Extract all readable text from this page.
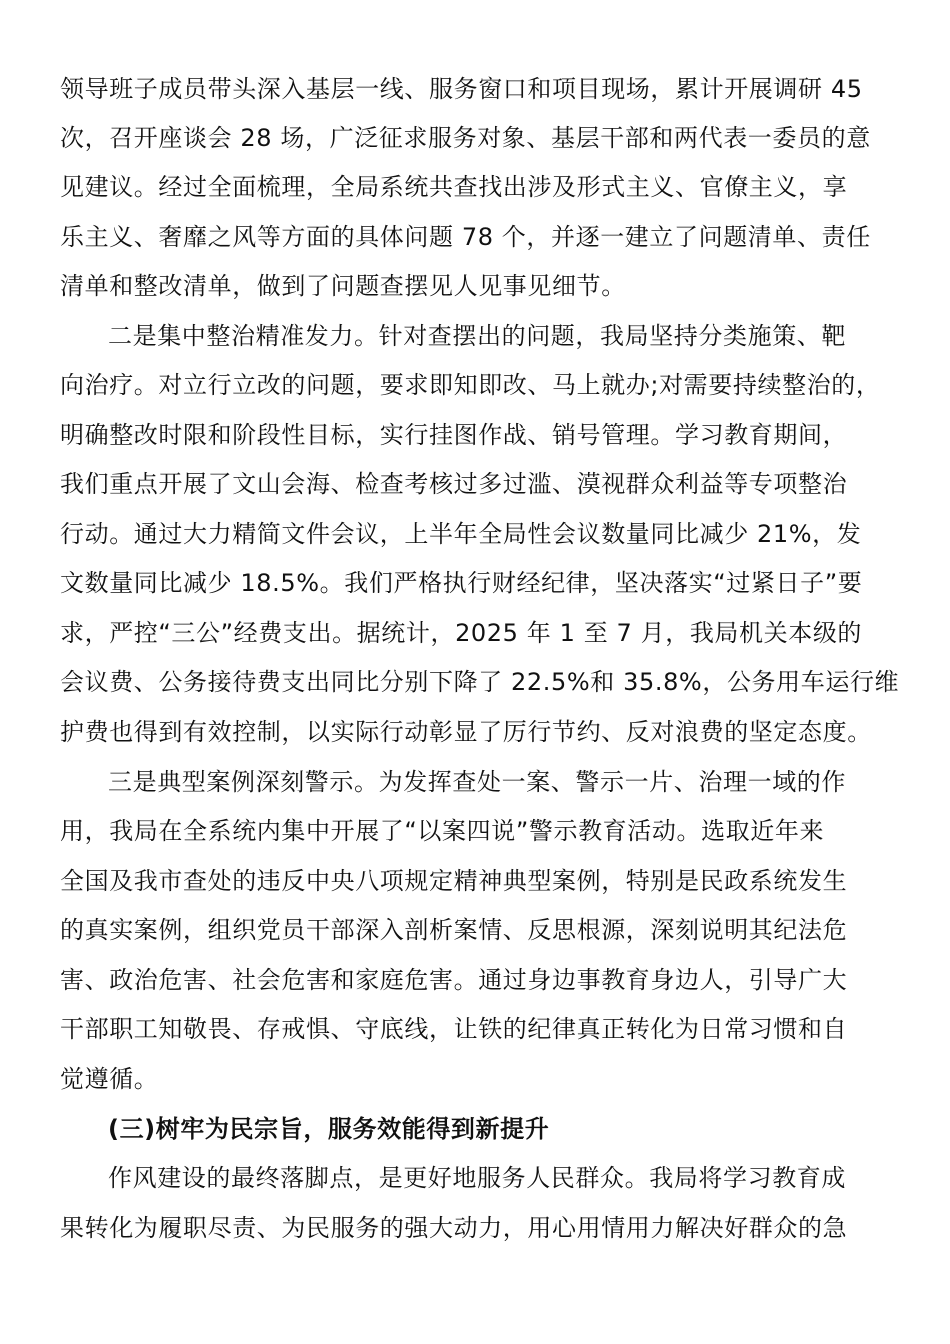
领导班子成员带头深入基层一线、服务窗口和项目现场，累计开展调研 45
次，召开座谈会 28 场，广泛征求服务对象、基层干部和两代表一委员的意
见建议。经过全面梳理，全局系统共查找出涉及形式主义、官僚主义，享
乐主义、奢靡之风等方面的具体问题 78 个，并逐一建立了问题清单、责任
清单和整改清单，做到了问题查摆见人见事见细节。
二是集中整治精准发力。针对查摆出的问题，我局坚持分类施策、靶
向治疗。对立行立改的问题，要求即知即改、马上就办;对需要持续整治的，
明确整改时限和阶段性目标，实行挂图作战、销号管理。学习教育期间，
我们重点开展了文山会海、检查考核过多过滥、漠视群众利益等专项整治
行动。通过大力精简文件会议，上半年全局性会议数量同比减少 21%，发
文数量同比减少 18.5%。我们严格执行财经纪律，坚决落实“过紧日子”要
求，严控“三公”经费支出。据统计，2025 年 1 至 7 月，我局机关本级的
会议费、公务接待费支出同比分别下降了 22.5%和 35.8%，公务用车运行维
护费也得到有效控制，以实际行动彰显了厉行节约、反对浪费的坚定态度。
三是典型案例深刻警示。为发挥查处一案、警示一片、治理一域的作
用，我局在全系统内集中开展了“以案四说”警示教育活动。选取近年来
全国及我市查处的违反中央八项规定精神典型案例，特别是民政系统发生
的真实案例，组织党员干部深入剖析案情、反思根源，深刻说明其纪法危
害、政治危害、社会危害和家庭危害。通过身边事教育身边人，引导广大
干部职工知敬畏、存戒惧、守底线，让铁的纪律真正转化为日常习惯和自
觉遵循。
(三)树牢为民宗旨，服务效能得到新提升
作风建设的最终落脚点，是更好地服务人民群众。我局将学习教育成
果转化为履职尽责、为民服务的强大动力，用心用情用力解决好群众的急
